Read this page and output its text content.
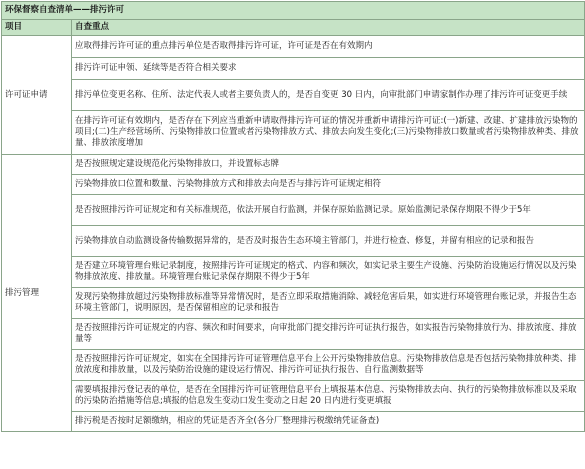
环保督察自查清单——排污许可	
项目	自查重点
许可证申请	应取得排污许可证的重点排污单位是否取得排污许可证，许可证是否在有效期内
	排污许可证申领、延续等是否符合相关要求
	排污单位变更名称、住所、法定代表人或者主要负责人的，是否自变更 30 日内，向审批部门申请家制作办理了排污许可证变更手续
	在排污许可证有效期内，是否存在下列应当重新申请取得排污许可证的情况并重新申请排污许可证:(一)新建、改建、扩建排放污染物的项目;(二)生产经营场所、污染物排放口位置或者污染物排放方式、排放去向发生变化;(三)污染物排放口数量或者污染物排放种类、排放量、排放浓度增加
排污管理	是否按照规定建设规范化污染物排放口，并设置标志牌
	污染物排放口位置和数量、污染物排放方式和排放去向是否与排污许可证规定相符
	是否按照排污许可证规定和有关标准规范，依法开展自行监测，并保存原始监测记录。原始监测记录保存期限不得少于5年
	污染物排放自动监测设备传输数据异常的，是否及时报告生态环境主管部门，并进行检查、修复，并留有相应的记录和报告
	是否建立环境管理台账记录制度，按照排污许可证规定的格式、内容和频次，如实记录主要生产设施、污染防治设施运行情况以及污染物排放浓度、排放量。环境管理台账记录保存期限不得少于5年
	发现污染物排放超过污染物排放标准等异常情况时，是否立即采取措施消除、减轻危害后果，如实进行环境管理台账记录，并报告生态环境主管部门，说明原因，是否保留相应的记录和报告
	是否按照排污许可证规定的内容、频次和时间要求，向审批部门提交排污许可证执行报告，如实报告污染物排放行为、排放浓度、排放量等
	是否按照排污许可证规定，如实在全国排污许可证管理信息平台上公开污染物排放信息。污染物排放信息是否包括污染物排放种类、排放浓度和排放量，以及污染防治设施的建设运行情况、排污许可证执行报告、自行监测数据等
	需要填报排污登记表的单位，是否在全国排污许可证管理信息平台上填报基本信息、污染物排放去向、执行的污染物排放标准以及采取的污染防治措施等信息;填报的信息发生变动口发生变动之日起 20 日内进行变更填报
	排污税是否按时足额缴纳，相应的凭证是否齐全(各分厂整理排污税缴纳凭证备查)
